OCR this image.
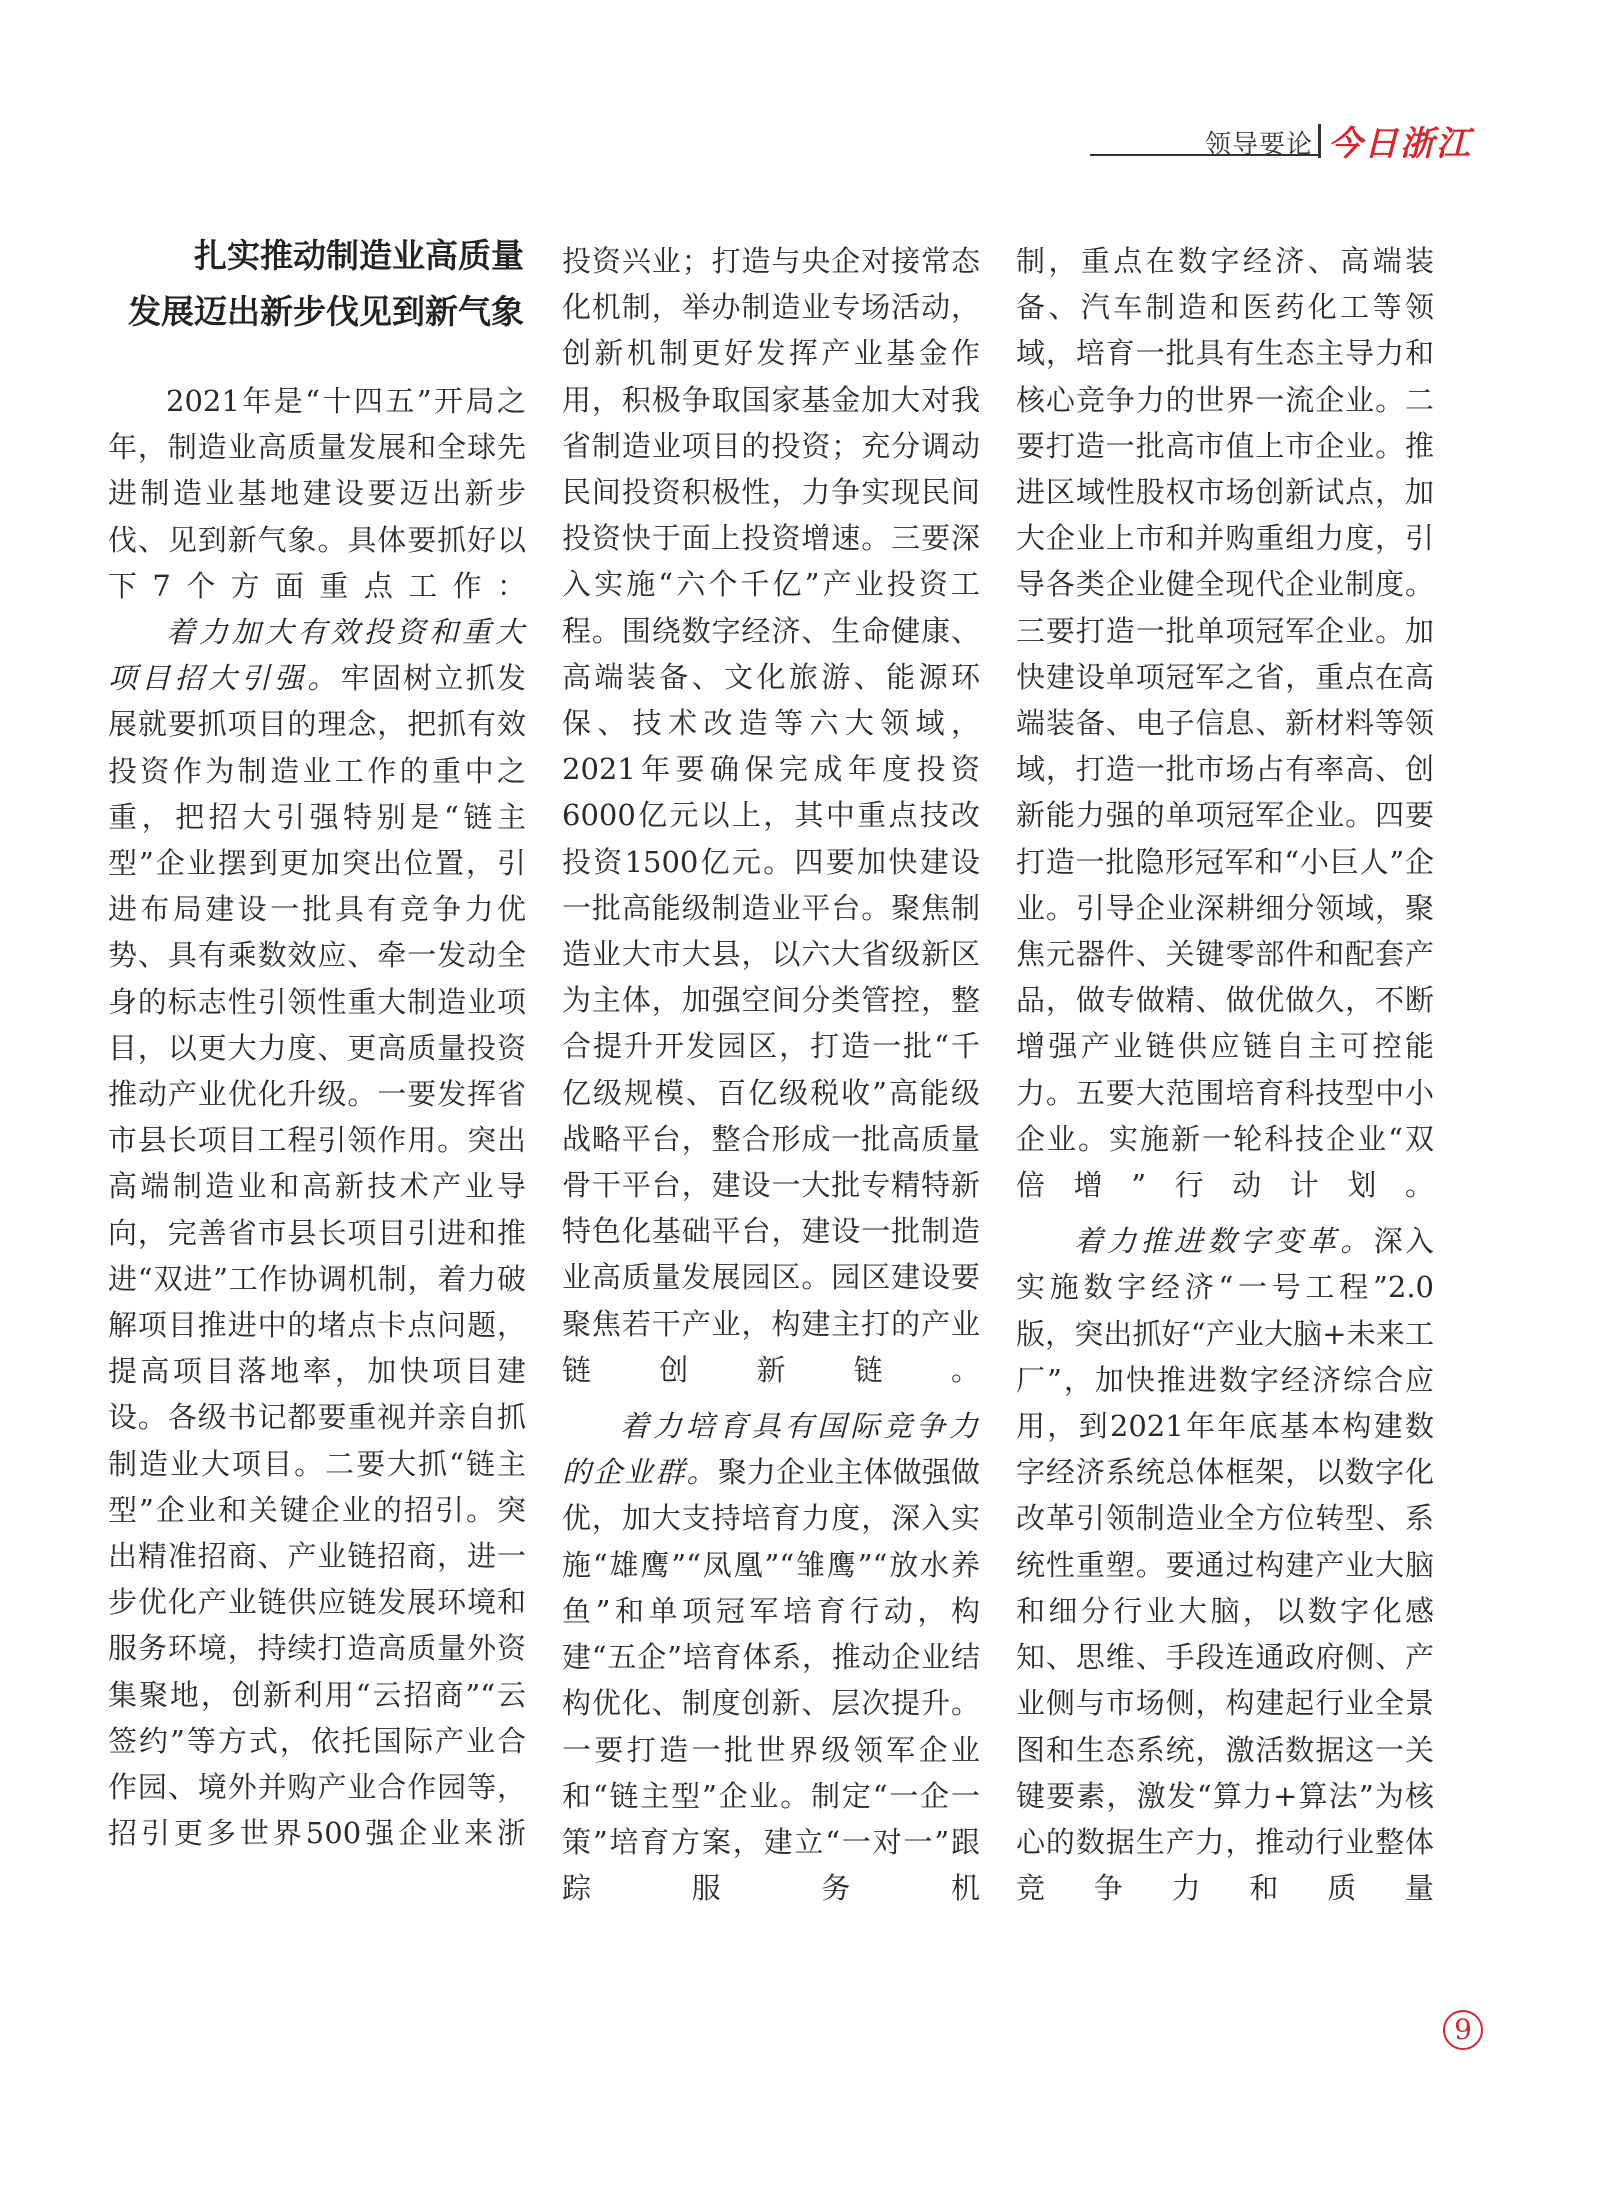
领导要论 今日浙江

扎实推动制造业高质量
发展迈出新步伐见到新气象

2021年是“十四五”开局之年，制造业高质量发展和全球先进制造业基地建设要迈出新步伐、见到新气象。具体要抓好以下7个方面重点工作：

着力加大有效投资和重大项目招大引强。牢固树立抓发展就要抓项目的理念，把抓有效投资作为制造业工作的重中之重，把招大引强特别是“链主型”企业摆到更加突出位置，引进布局建设一批具有竞争力优势、具有乘数效应、牵一发动全身的标志性引领性重大制造业项目，以更大力度、更高质量投资推动产业优化升级。一要发挥省市县长项目工程引领作用。突出高端制造业和高新技术产业导向，完善省市县长项目引进和推进“双进”工作协调机制，着力破解项目推进中的堵点卡点问题，提高项目落地率，加快项目建设。各级书记都要重视并亲自抓制造业大项目。二要大抓“链主型”企业和关键企业的招引。突出精准招商、产业链招商，进一步优化产业链供应链发展环境和服务环境，持续打造高质量外资集聚地，创新利用“云招商”“云签约”等方式，依托国际产业合作园、境外并购产业合作园等，招引更多世界500强企业来浙

投资兴业；打造与央企对接常态化机制，举办制造业专场活动，创新机制更好发挥产业基金作用，积极争取国家基金加大对我省制造业项目的投资；充分调动民间投资积极性，力争实现民间投资快于面上投资增速。三要深入实施“六个千亿”产业投资工程。围绕数字经济、生命健康、高端装备、文化旅游、能源环保、技术改造等六大领域，2021年要确保完成年度投资6000亿元以上，其中重点技改投资1500亿元。四要加快建设一批高能级制造业平台。聚焦制造业大市大县，以六大省级新区为主体，加强空间分类管控，整合提升开发园区，打造一批“千亿级规模、百亿级税收”高能级战略平台，整合形成一批高质量骨干平台，建设一大批专精特新特色化基础平台，建设一批制造业高质量发展园区。园区建设要聚焦若干产业，构建主打的产业链创新链。

着力培育具有国际竞争力的企业群。聚力企业主体做强做优，加大支持培育力度，深入实施“雄鹰”“凤凰”“雏鹰”“放水养鱼”和单项冠军培育行动，构建“五企”培育体系，推动企业结构优化、制度创新、层次提升。一要打造一批世界级领军企业和“链主型”企业。制定“一企一策”培育方案，建立“一对一”跟踪服务机

制，重点在数字经济、高端装备、汽车制造和医药化工等领域，培育一批具有生态主导力和核心竞争力的世界一流企业。二要打造一批高市值上市企业。推进区域性股权市场创新试点，加大企业上市和并购重组力度，引导各类企业健全现代企业制度。三要打造一批单项冠军企业。加快建设单项冠军之省，重点在高端装备、电子信息、新材料等领域，打造一批市场占有率高、创新能力强的单项冠军企业。四要打造一批隐形冠军和“小巨人”企业。引导企业深耕细分领域，聚焦元器件、关键零部件和配套产品，做专做精、做优做久，不断增强产业链供应链自主可控能力。五要大范围培育科技型中小企业。实施新一轮科技企业“双倍增”行动计划。

着力推进数字变革。深入实施数字经济“一号工程”2.0版，突出抓好“产业大脑+未来工厂”，加快推进数字经济综合应用，到2021年年底基本构建数字经济系统总体框架，以数字化改革引领制造业全方位转型、系统性重塑。要通过构建产业大脑和细分行业大脑，以数字化感知、思维、手段连通政府侧、产业侧与市场侧，构建起行业全景图和生态系统，激活数据这一关键要素，激发“算力+算法”为核心的数据生产力，推动行业整体竞争力和质量

9
